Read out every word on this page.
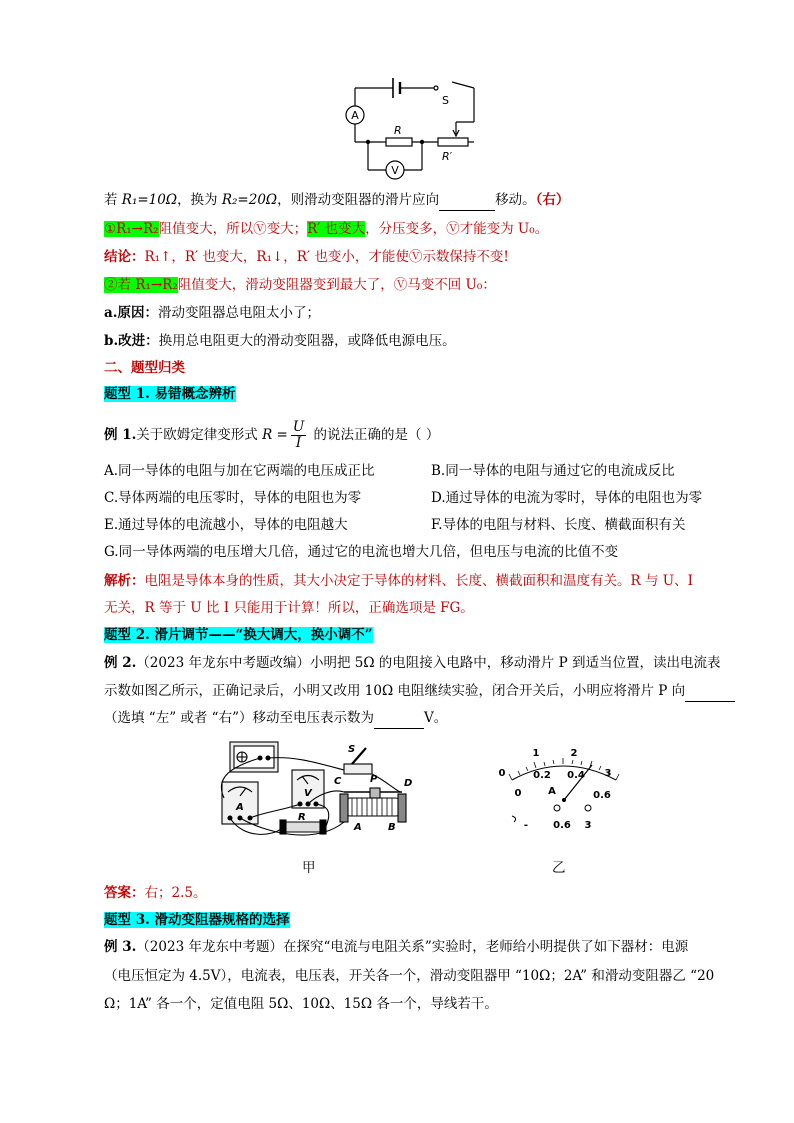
A
V
S
R
R′
若 R₁=10Ω，换为 R₂=20Ω，则滑动变阻器的滑片应向	移动。（右）
①R₁→R₂阻值变大，所以Ⓥ变大；R′ 也变大，分压变多，Ⓥ才能变为 U₀。
结论：R₁↑，R′ 也变大，R₁↓，R′ 也变小，才能使Ⓥ示数保持不变!
②若 R₁→R₂阻值变大，滑动变阻器变到最大了，Ⓥ马变不回 U₀：
a.原因：滑动变阻器总电阻太小了；
b.改进：换用总电阻更大的滑动变阻器，或降低电源电压。
二、题型归类
题型 1. 易错概念辨析
例 1.关于欧姆定律变形式 $R = \frac{U}{I}$ 的说法正确的是（ ）
A.同一导体的电阻与加在它两端的电压成正比	B.同一导体的电阻与通过它的电流成反比
C.导体两端的电压零时，导体的电阻也为零	D.通过导体的电流为零时，导体的电阻也为零
E.通过导体的电流越小，导体的电阻越大	F.导体的电阻与材料、长度、横截面积有关
G.同一导体两端的电压增大几倍，通过它的电流也增大几倍，但电压与电流的比值不变
解析：电阻是导体本身的性质，其大小决定于导体的材料、长度、横截面积和温度有关。R 与 U、I
无关，R 等于 U 比 I 只能用于计算！所以，正确选项是 FG。
题型 2. 滑片调节——“换大调大，换小调不”
例 2.（2023 年龙东中考题改编）小明把 5Ω 的电阻接入电路中，移动滑片 P 到适当位置，读出电流表
示数如图乙所示，正确记录后，小明又改用 10Ω 电阻继续实验，闭合开关后，小明应将滑片 P 向
（选填 “左” 或者 “右”）移动至电压表示数为	V。
S
C	P	D
A	B
R
A
V
甲
0
1	2
3
0
0.2 0.4
0.6
A
-	0.6 3
乙
答案：右；2.5。
题型 3. 滑动变阻器规格的选择
例 3.（2023 年龙东中考题）在探究“电流与电阻关系”实验时，老师给小明提供了如下器材：电源
（电压恒定为 4.5V），电流表，电压表，开关各一个，滑动变阻器甲 “10Ω；2A” 和滑动变阻器乙 “20
Ω；1A” 各一个，定值电阻 5Ω、10Ω、15Ω 各一个，导线若干。
